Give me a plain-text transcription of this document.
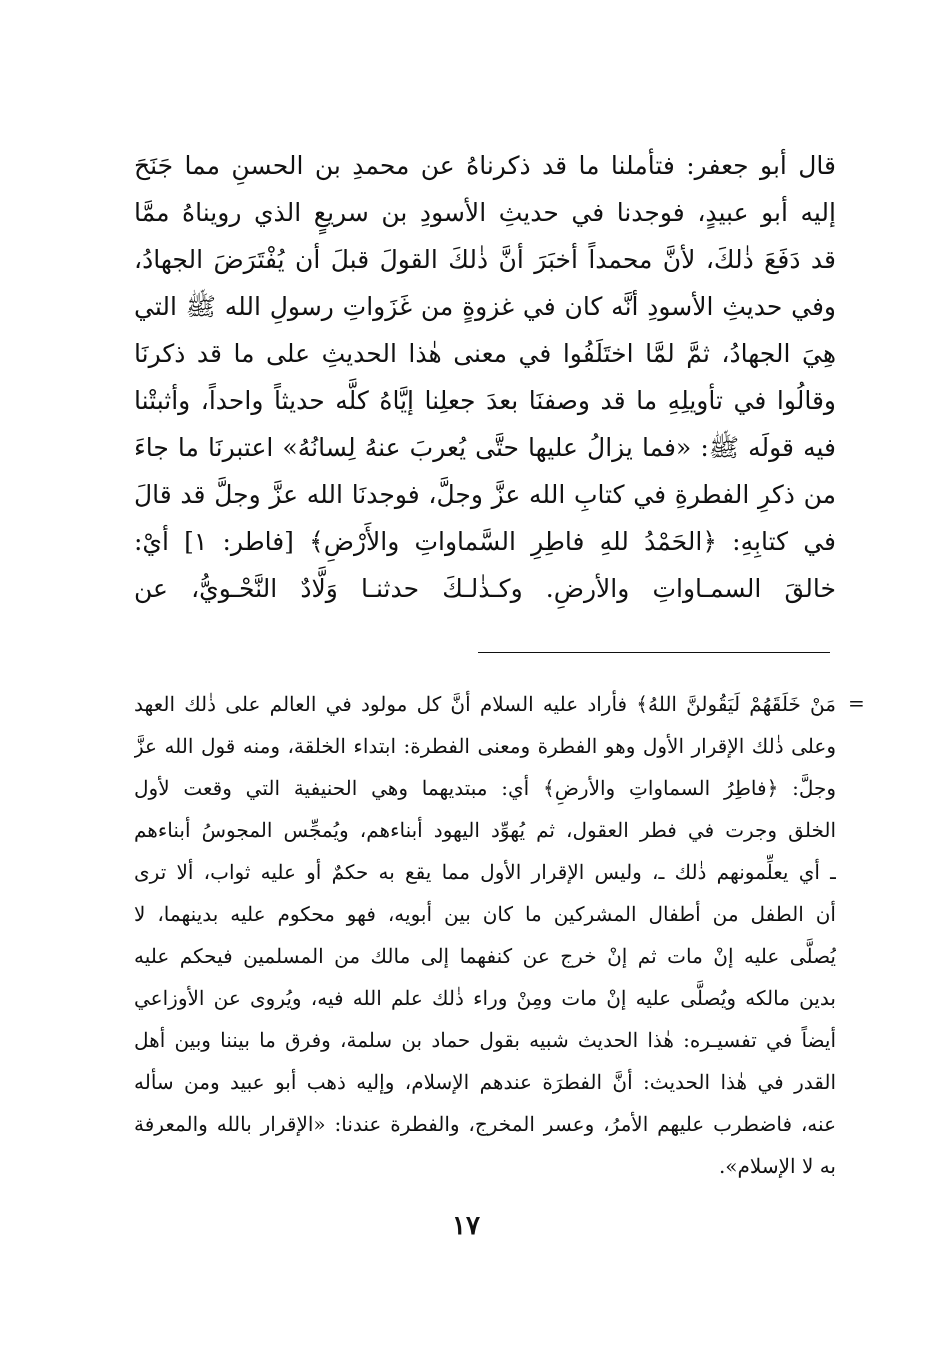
قال أبو جعفر: فتأملنا ما قد ذكرناهُ عن محمدِ بن الحسنِ مما جَنَحَ
إليه أبو عبيدٍ، فوجدنا في حديثِ الأسودِ بن سريعٍ الذي رويناهُ ممَّا
قد دَفَعَ ذٰلكَ، لأنَّ محمداً أخبَرَ أنَّ ذٰلكَ القولَ قبلَ أن يُفْتَرَضَ الجهادُ،
وفي حديثِ الأسودِ أنَّه كان في غزوةٍ من غَزَواتِ رسولِ الله ﷺ التي
هِيَ الجهادُ، ثمَّ لمَّا اختَلَفُوا في معنى هٰذا الحديثِ على ما قد ذكرنَا
وقالُوا في تأويلِهِ ما قد وصفنَا بعدَ جعلِنا إيَّاهُ كلَّه حديثاً واحداً، وأثبتْنا
فيه قولَه ﷺ: «فما يزالُ عليها حتَّى يُعربَ عنهُ لِسانُهُ» اعتبرنَا ما جاءَ
من ذكرِ الفطرةِ في كتابِ الله عزَّ وجلَّ، فوجدنَا الله عزَّ وجلَّ قد قالَ
في كتابِهِ: ﴿الحَمْدُ للهِ فاطِرِ السَّماواتِ والأَرْضِ﴾ [فاطر: ١] أيْ:
خالقَ السمـاواتِ والأرضِ. وكـذٰلـكَ حدثنـا وَلَّادٌ النَّحْـويُّ، عن
=
مَنْ خَلَقَهُمْ لَيَقُولنَّ اللهُ﴾ فأراد عليه السلام أنَّ كل مولود في العالم على ذٰلك العهد
وعلى ذٰلك الإقرار الأول وهو الفطرة ومعنى الفطرة: ابتداء الخلقة، ومنه قول الله عزَّ
وجلَّ: ﴿فاطِرُ السماواتِ والأرضِ﴾ أي: مبتديهما وهي الحنيفية التي وقعت لأول
الخلق وجرت في فطر العقول، ثم يُهوِّد اليهود أبناءهم، ويُمجِّس المجوسُ أبناءهم
ـ أي يعلِّمونهم ذٰلك ـ، وليس الإقرار الأول مما يقع به حكمٌ أو عليه ثواب، ألا ترى
أن الطفل من أطفال المشركين ما كان بين أبويه، فهو محكوم عليه بدينهما، لا
يُصلَّى عليه إنْ مات ثم إنْ خرج عن كنفهما إلى مالك من المسلمين فيحكم عليه
بدين مالكه ويُصلَّى عليه إنْ مات ومِنْ وراء ذٰلك علم الله فيه، ويُروى عن الأوزاعي
أيضاً في تفسيـره: هٰذا الحديث شبيه بقول حماد بن سلمة، وفرق ما بيننا وبين أهل
القدر في هٰذا الحديث: أنَّ الفطرَة عندهم الإسلام، وإليه ذهب أبو عبيد ومن سأله
عنه، فاضطرب عليهم الأمرُ، وعسر المخرج، والفطرة عندنا: «الإقرار بالله والمعرفة
به لا الإسلام».
١٧
